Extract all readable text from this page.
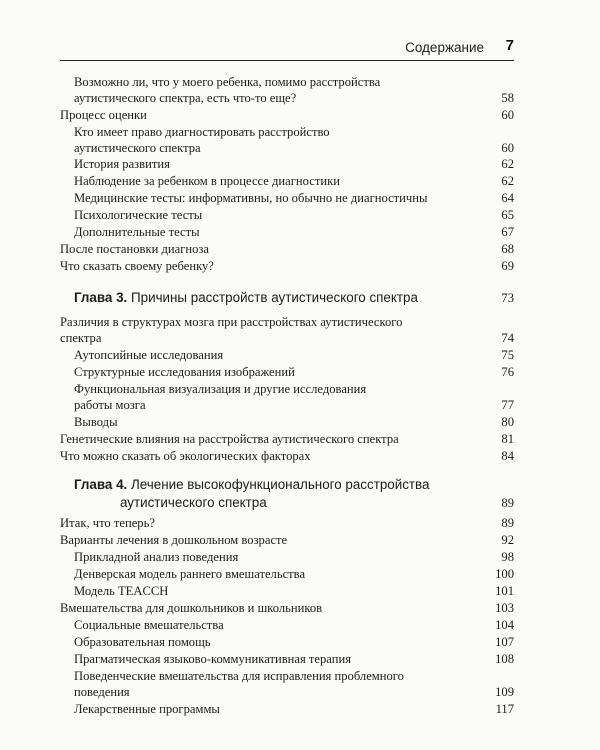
Содержание 7
Возможно ли, что у моего ребенка, помимо расстройства
аутистического спектра, есть что-то еще?	58
Процесс оценки	60
Кто имеет право диагностировать расстройство
аутистического спектра	60
История развития	62
Наблюдение за ребенком в процессе диагностики	62
Медицинские тесты: информативны, но обычно не диагностичны	64
Психологические тесты	65
Дополнительные тесты	67
После постановки диагноза	68
Что сказать своему ребенку?	69
Глава 3. Причины расстройств аутистического спектра	73
Различия в структурах мозга при расстройствах аутистического
спектра	74
Аутопсийные исследования	75
Структурные исследования изображений	76
Функциональная визуализация и другие исследования
работы мозга	77
Выводы	80
Генетические влияния на расстройства аутистического спектра	81
Что можно сказать об экологических факторах	84
Глава 4. Лечение высокофункционального расстройства
аутистического спектра	89
Итак, что теперь?	89
Варианты лечения в дошкольном возрасте	92
Прикладной анализ поведения	98
Денверская модель раннего вмешательства	100
Модель TEACCH	101
Вмешательства для дошкольников и школьников	103
Социальные вмешательства	104
Образовательная помощь	107
Прагматическая языково-коммуникативная терапия	108
Поведенческие вмешательства для исправления проблемного
поведения	109
Лекарственные программы	117
